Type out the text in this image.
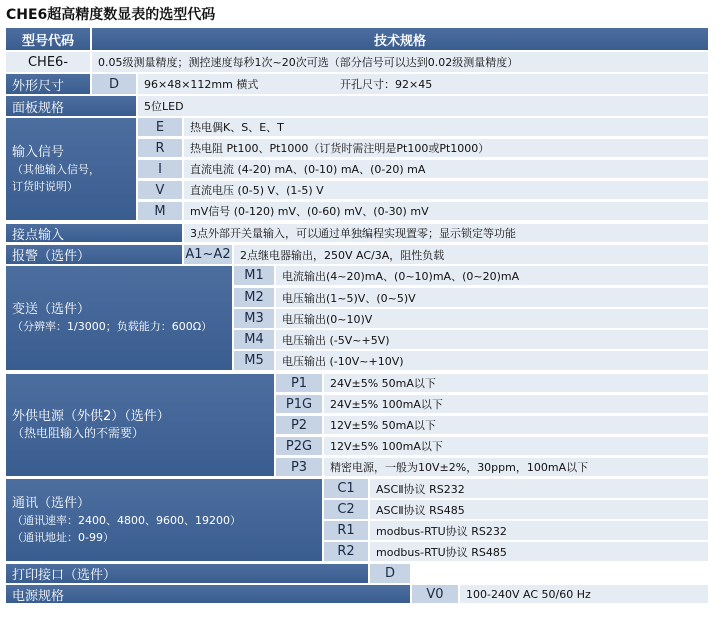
CHE6超高精度数显表的选型代码
型号代码	技术规格
CHE6-	0.05级测量精度；测控速度每秒1次~20次可选（部分信号可以达到0.02级测量精度）
外形尺寸	D	96×48×112mm 横式	开孔尺寸：92×45
面板规格	5位LED
输入信号
（其他输入信号，
订货时说明）
E	热电偶K、S、E、T
R	热电阻 Pt100、Pt1000（订货时需注明是Pt100或Pt1000）
I	直流电流 (4-20) mA、(0-10) mA、(0-20) mA
V	直流电压 (0-5) V、(1-5) V
M	mV信号 (0-120) mV、(0-60) mV、(0-30) mV
接点输入	3点外部开关量输入，可以通过单独编程实现置零；显示锁定等功能
报警（选件）	A1~A2 2点继电器输出，250V AC/3A，阻性负载
变送（选件）
（分辨率：1/3000；负载能力：600Ω）
M1	电流输出(4~20)mA、(0~10)mA、(0~20)mA
M2	电压输出(1~5)V、(0~5)V
M3	电压输出(0~10)V
M4	电压输出 (-5V~+5V)
M5	电压输出 (-10V~+10V)
外供电源（外供2）（选件）
（热电阻输入的不需要）
P1	24V±5% 50mA以下
P1G	24V±5% 100mA以下
P2	12V±5% 50mA以下
P2G	12V±5% 100mA以下
P3	精密电源，一般为10V±2%，30ppm，100mA以下
通讯（选件）
（通讯速率：2400、4800、9600、19200）
（通讯地址：0-99）
C1	ASCⅡ协议 RS232
C2	ASCⅡ协议 RS485
R1	modbus-RTU协议 RS232
R2	modbus-RTU协议 RS485
打印接口（选件）	D
电源规格	V0	100-240V AC 50/60 Hz
